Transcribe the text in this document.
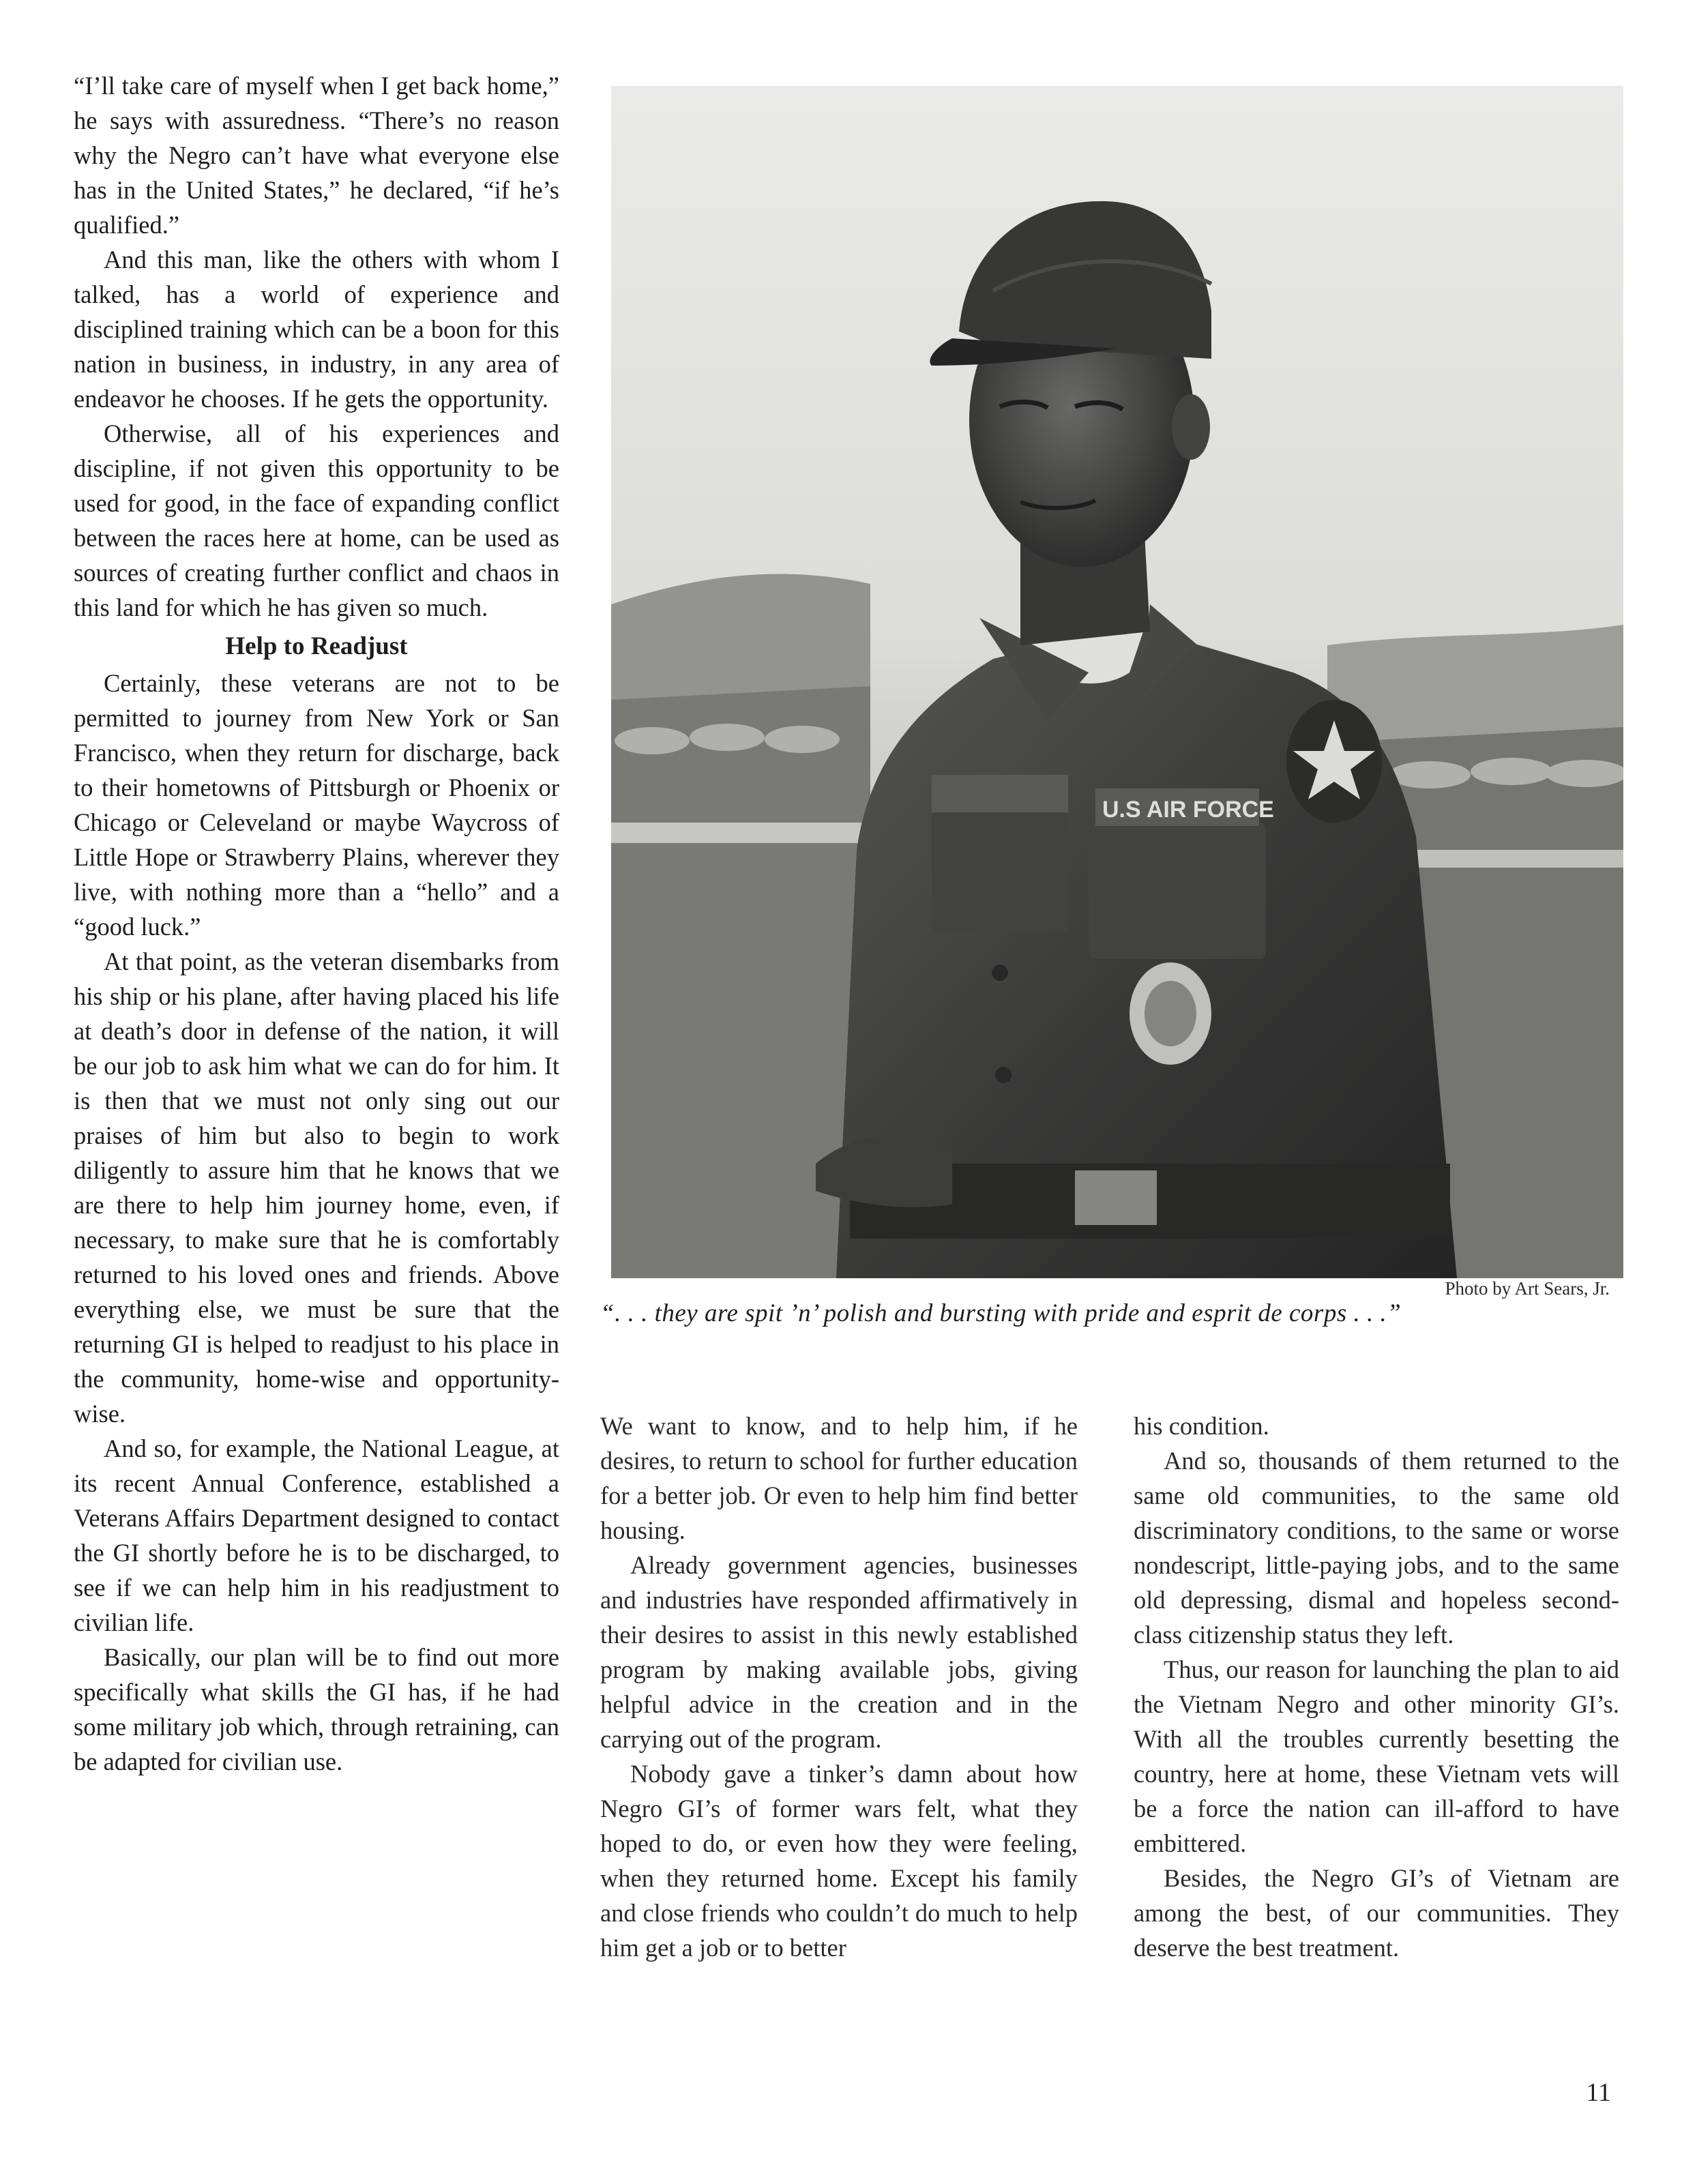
“I’ll take care of myself when I get back home,” he says with assuredness. “There’s no reason why the Negro can’t have what everyone else has in the United States,” he declared, “if he’s qualified.”

And this man, like the others with whom I talked, has a world of experience and disciplined training which can be a boon for this nation in business, in industry, in any area of endeavor he chooses. If he gets the opportunity.

Otherwise, all of his experiences and discipline, if not given this opportunity to be used for good, in the face of expanding conflict between the races here at home, can be used as sources of creating further conflict and chaos in this land for which he has given so much.

Help to Readjust

Certainly, these veterans are not to be permitted to journey from New York or San Francisco, when they return for discharge, back to their hometowns of Pittsburgh or Phoenix or Chicago or Celeveland or maybe Waycross of Little Hope or Strawberry Plains, wherever they live, with nothing more than a “hello” and a “good luck.”

At that point, as the veteran disembarks from his ship or his plane, after having placed his life at death’s door in defense of the nation, it will be our job to ask him what we can do for him. It is then that we must not only sing out our praises of him but also to begin to work diligently to assure him that he knows that we are there to help him journey home, even, if necessary, to make sure that he is comfortably returned to his loved ones and friends. Above everything else, we must be sure that the returning GI is helped to readjust to his place in the community, home-wise and opportunity-wise.

And so, for example, the National League, at its recent Annual Conference, established a Veterans Affairs Department designed to contact the GI shortly before he is to be discharged, to see if we can help him in his readjustment to civilian life.

Basically, our plan will be to find out more specifically what skills the GI has, if he had some military job which, through retraining, can be adapted for civilian use.

U.S AIR FORCE
Photo by Art Sears, Jr.
“. . . they are spit ’n’ polish and bursting with pride and esprit de corps . . .”

We want to know, and to help him, if he desires, to return to school for further education for a better job. Or even to help him find better housing.

Already government agencies, businesses and industries have responded affirmatively in their desires to assist in this newly established program by making available jobs, giving helpful advice in the creation and in the carrying out of the program.

Nobody gave a tinker’s damn about how Negro GI’s of former wars felt, what they hoped to do, or even how they were feeling, when they returned home. Except his family and close friends who couldn’t do much to help him get a job or to better

his condition.

And so, thousands of them returned to the same old communities, to the same old discriminatory conditions, to the same or worse nondescript, little-paying jobs, and to the same old depressing, dismal and hopeless second-class citizenship status they left.

Thus, our reason for launching the plan to aid the Vietnam Negro and other minority GI’s. With all the troubles currently besetting the country, here at home, these Vietnam vets will be a force the nation can ill-afford to have embittered.

Besides, the Negro GI’s of Vietnam are among the best, of our communities. They deserve the best treatment.

11
